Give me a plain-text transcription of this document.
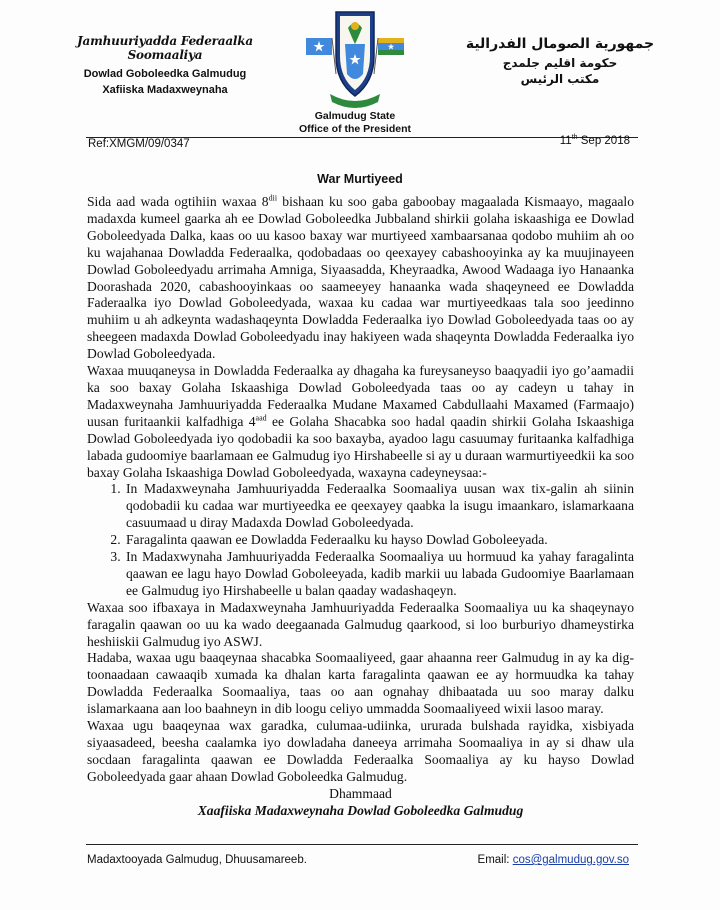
Jamhuuriyadda Federaalka Soomaaliya
Dowlad Goboleedka Galmudug
Xafiiska Madaxweynaha
Galmudug State
Office of the President
جمهورية الصومال الفدرالية
حكومة اقليم جلمدج
مكتب الرئيس
Ref:XMGM/09/0347	11th Sep 2018
War Murtiyeed

Sida aad wada ogtihiin waxaa $8^{dii}$ bishaan ku soo gaba gaboobay magaalada Kismaayo, magaalo madaxda kumeel gaarka ah ee Dowlad Goboleedka Jubbaland shirkii golaha iskaashiga ee Dowlad Goboleedyada Dalka, kaas oo uu kasoo baxay war murtiyeed xambaarsanaa qodobo muhiim ah oo ku wajahanaa Dowladda Federaalka, qodobadaas oo qeexayey cabashooyinka ay ka muujinayeen Dowlad Goboleedyadu arrimaha Amniga, Siyaasadda, Kheyraadka, Awood Wadaaga iyo Hanaanka Doorashada 2020, cabashooyinkaas oo saameeyey hanaanka wada shaqeyneed ee Dowladda Faderaalka iyo Dowlad Goboleedyada, waxaa ku cadaa war murtiyeedkaas tala soo jeedinno muhiim u ah adkeynta wadashaqeynta Dowladda Federaalka iyo Dowlad Goboleedyada taas oo ay sheegeen madaxda Dowlad Goboleedyadu inay hakiyeen wada shaqeynta Dowladda Federaalka iyo Dowlad Goboleedyada.

Waxaa muuqaneysa in Dowladda Federaalka ay dhagaha ka fureysaneyso baaqyadii iyo go’aamadii ka soo baxay Golaha Iskaashiga Dowlad Goboleedyada taas oo ay cadeyn u tahay in Madaxweynaha Jamhuuriyadda Federaalka Mudane Maxamed Cabdullaahi Maxamed (Farmaajo) uusan furitaankii kalfadhiga $4^{aad}$ ee Golaha Shacabka soo hadal qaadin shirkii Golaha Iskaashiga Dowlad Goboleedyada iyo qodobadii ka soo baxayba, ayadoo lagu casuumay furitaanka kalfadhiga labada gudoomiye baarlamaan ee Galmudug iyo Hirshabeelle si ay u duraan warmurtiyeedkii ka soo baxay Golaha Iskaashiga Dowlad Goboleedyada, waxayna cadeyneysaa:-

1. In Madaxweynaha Jamhuuriyadda Federaalka Soomaaliya uusan wax tix-galin ah siinin qodobadii ku cadaa war murtiyeedka ee qeexayey qaabka la isugu imaankaro, islamarkaana casuumaad u diray Madaxda Dowlad Goboleedyada.
2. Faragalinta qaawan ee Dowladda Federaalku ku hayso Dowlad Goboleeyada.
3. In Madaxwynaha Jamhuuriyadda Federaalka Soomaaliya uu hormuud ka yahay faragalinta qaawan ee lagu hayo Dowlad Goboleeyada, kadib markii uu labada Gudoomiye Baarlamaan ee Galmudug iyo Hirshabeelle u balan qaaday wadashaqeyn.

Waxaa soo ifbaxaya in Madaxweynaha Jamhuuriyadda Federaalka Soomaaliyа uu ka shaqeynayo faragalin qaawan oo uu ka wado deegaanada Galmudug qaarkood, si loo burburiyo dhameystirka heshiiskii Galmudug iyo ASWJ.

Hadaba, waxaa ugu baaqeynaa shacabka Soomaaliyeed, gaar ahaanna reer Galmudug in ay ka dig-toonaadaan cawaaqib xumada ka dhalan karta faragalinta qaawan ee ay hormuudka ka tahay Dowladda Federaalka Soomaaliya, taas oo aan ognahay dhibaatada uu soo maray dalku islamarkaana aan loo baahneyn in dib loogu celiyo ummadda Soomaaliyeed wixii lasoo maray.

Waxaa ugu baaqeynaa wax garadka, culumaa-udiinka, ururada bulshada rayidka, xisbiyada siyaasadeed, beesha caalamka iyo dowladaha daneeya arrimaha Soomaaliya in ay si dhaw ula socdaan faragalinta qaawan ee Dowladda Federaalka Soomaaliya ay ku hayso Dowlad Goboleedyada gaar ahaan Dowlad Goboleedka Galmudug.

Dhammaad

Xaafiiska Madaxweynaha Dowlad Goboleedka Galmudug

Madaxtooyada Galmudug, Dhuusamareeb.	Email: cos@galmudug.gov.so
